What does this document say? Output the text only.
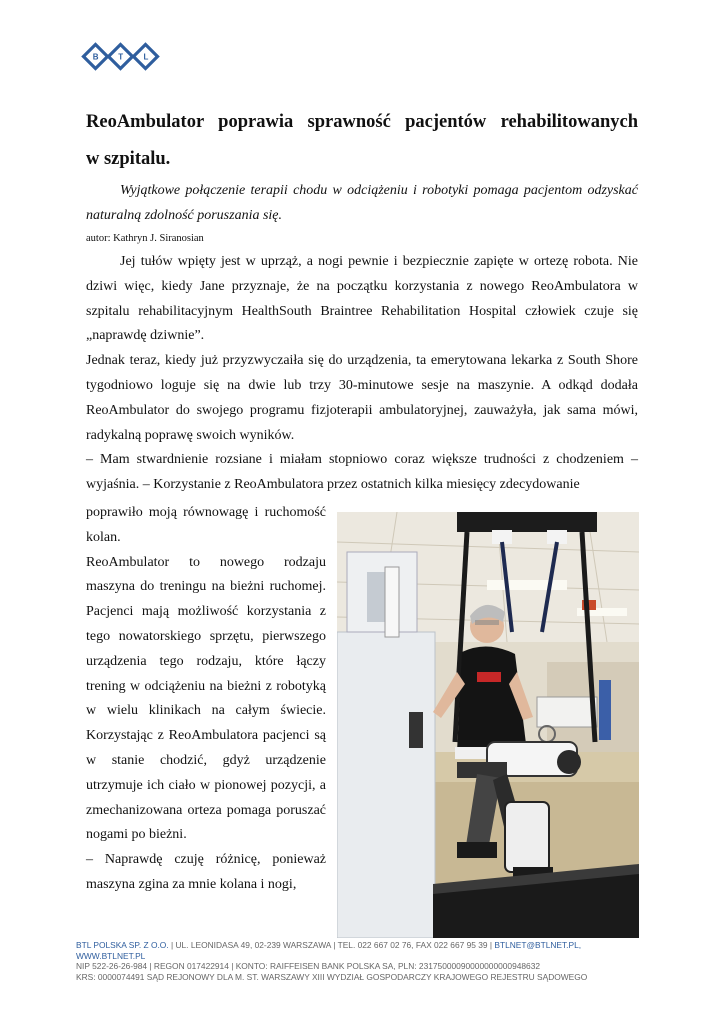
B T	L
ReoAmbulator poprawia sprawność pacjentów rehabilitowanych
w szpitalu.

Wyjątkowe połączenie terapii chodu w odciążeniu i robotyki pomaga pacjentom odzyskać naturalną zdolność poruszania się.

autor: Kathryn J. Siranosian

Jej tułów wpięty jest w uprząż, a nogi pewnie i bezpiecznie zapięte w ortezę robota. Nie dziwi więc, kiedy Jane przyznaje, że na początku korzystania z nowego ReoAmbulatora w szpitalu rehabilitacyjnym HealthSouth Braintree Rehabilitation Hospital człowiek czuje się „naprawdę dziwnie”.

Jednak teraz, kiedy już przyzwyczaiła się do urządzenia, ta emerytowana lekarka z South Shore tygodniowo loguje się na dwie lub trzy 30-minutowe sesje na maszynie. A odkąd dodała ReoAmbulator do swojego programu fizjoterapii ambulatoryjnej, zauważyła, jak sama mówi, radykalną poprawę swoich wyników.

– Mam stwardnienie rozsiane i miałam stopniowo coraz większe trudności z chodzeniem – wyjaśnia. – Korzystanie z ReoAmbulatora przez ostatnich kilka miesięcy zdecydowanie

poprawiło moją równowagę i ruchomość kolan.

ReoAmbulator to nowego rodzaju maszyna do treningu na bieżni ruchomej. Pacjenci mają możliwość korzystania z tego nowatorskiego sprzętu, pierwszego urządzenia tego rodzaju, które łączy trening w odciążeniu na bieżni z robotyką w wielu klinikach na całym świecie. Korzystając z ReoAmbulatora pacjenci są w stanie chodzić, gdyż urządzenie utrzymuje ich ciało w pionowej pozycji, a zmechanizowana orteza pomaga poruszać nogami po bieżni.

– Naprawdę czuję różnicę, ponieważ maszyna zgina za mnie kolana i nogi,

BTL POLSKA SP. Z O.O. | UL. LEONIDASA 49, 02-239 WARSZAWA | TEL. 022 667 02 76, FAX 022 667 95 39 | BTLNET@BTLNET.PL,
WWW.BTLNET.PL
NIP 522-26-26-984 | REGON 017422914 | KONTO: RAIFFEISEN BANK POLSKA SA, PLN: 23175000090000000000948632
KRS: 0000074491 SĄD REJONOWY DLA M. ST. WARSZAWY XIII WYDZIAŁ GOSPODARCZY KRAJOWEGO REJESTRU SĄDOWEGO
